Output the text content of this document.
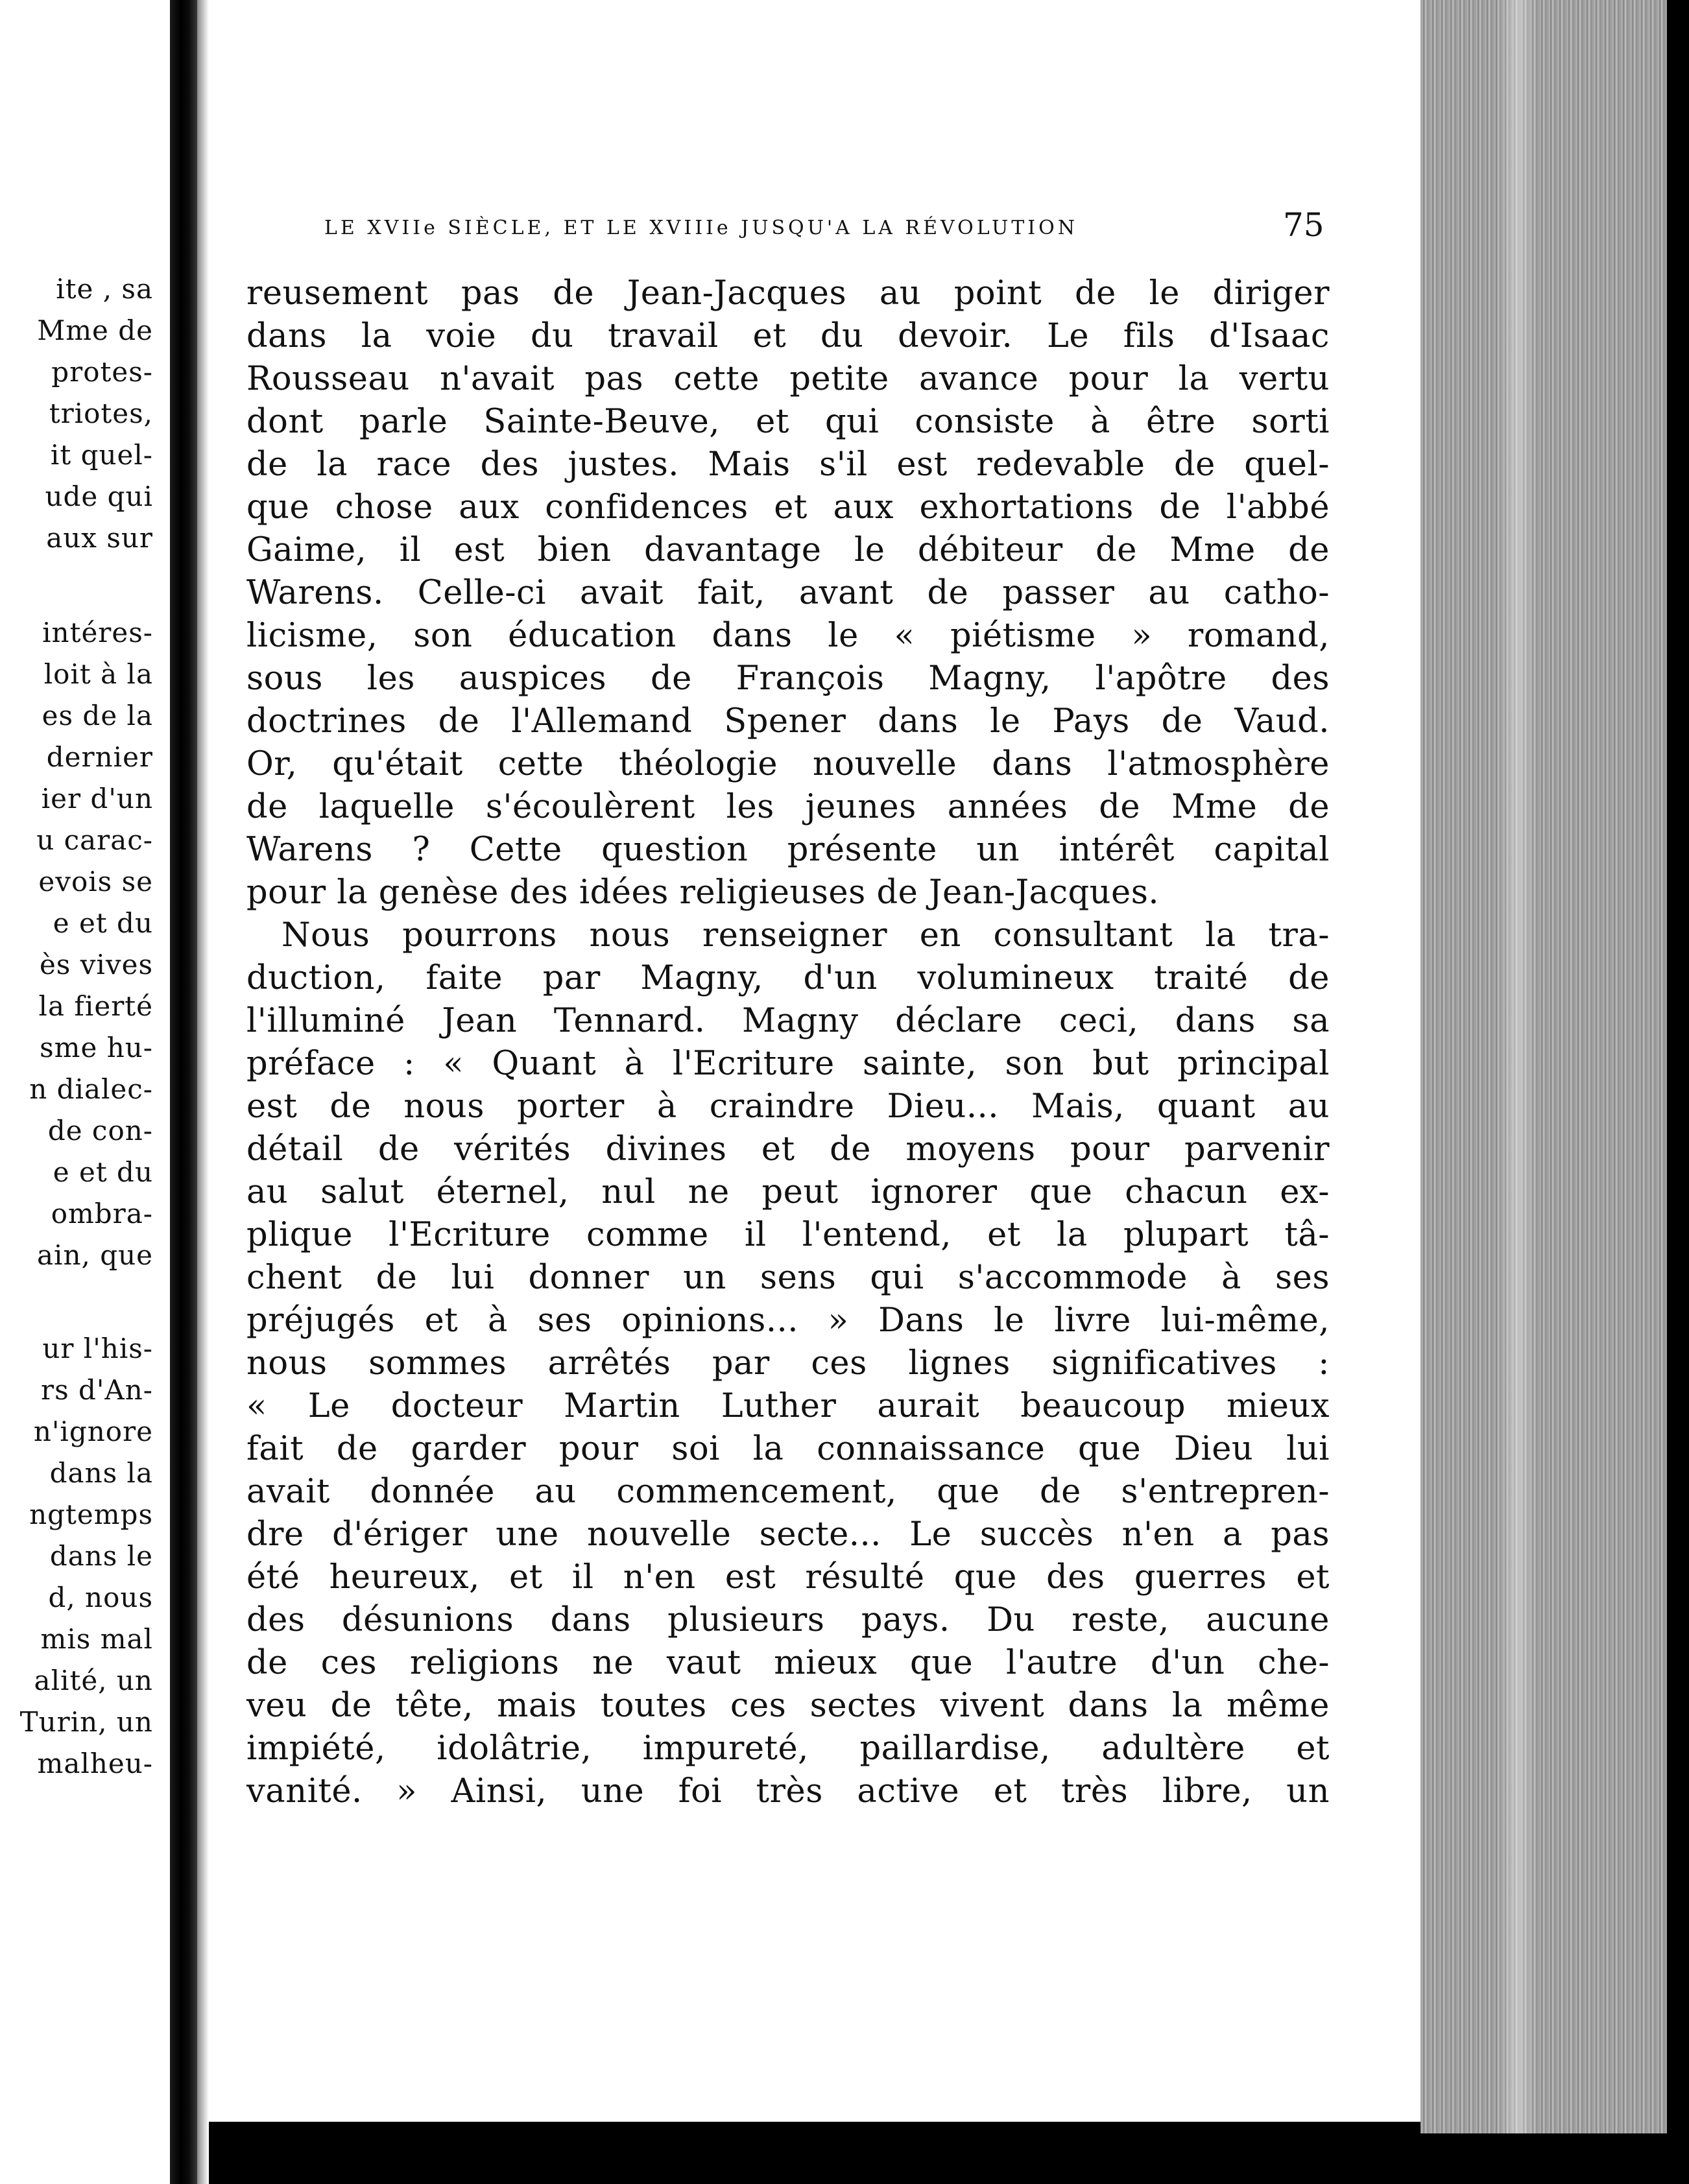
ite , sa
Mme de
protes-
triotes,
it quel-
ude qui
aux sur
intéres-
loit à la
es de la
dernier
ier d'un
u carac-
evois se
e et du
ès vives
la fierté
sme hu-
n dialec-
de con-
e et du
ombra-
ain, que
ur l'his-
rs d'An-
n'ignore
dans la
ngtemps
dans le
d, nous
mis mal
alité, un
Turin, un
malheu-
LE XVIIe SIÈCLE, ET LE XVIIIe JUSQU'A LA RÉVOLUTION	75
reusement pas de Jean-Jacques au point de le diriger
dans la voie du travail et du devoir. Le fils d'Isaac
Rousseau n'avait pas cette petite avance pour la vertu
dont parle Sainte-Beuve, et qui consiste à être sorti
de la race des justes. Mais s'il est redevable de quel-
que chose aux confidences et aux exhortations de l'abbé
Gaime, il est bien davantage le débiteur de Mme de
Warens. Celle-ci avait fait, avant de passer au catho-
licisme, son éducation dans le « piétisme » romand,
sous les auspices de François Magny, l'apôtre des
doctrines de l'Allemand Spener dans le Pays de Vaud.
Or, qu'était cette théologie nouvelle dans l'atmosphère
de laquelle s'écoulèrent les jeunes années de Mme de
Warens ? Cette question présente un intérêt capital
pour la genèse des idées religieuses de Jean-Jacques.
Nous pourrons nous renseigner en consultant la tra-
duction, faite par Magny, d'un volumineux traité de
l'illuminé Jean Tennard. Magny déclare ceci, dans sa
préface : « Quant à l'Ecriture sainte, son but principal
est de nous porter à craindre Dieu... Mais, quant au
détail de vérités divines et de moyens pour parvenir
au salut éternel, nul ne peut ignorer que chacun ex-
plique l'Ecriture comme il l'entend, et la plupart tâ-
chent de lui donner un sens qui s'accommode à ses
préjugés et à ses opinions... » Dans le livre lui-même,
nous sommes arrêtés par ces lignes significatives :
« Le docteur Martin Luther aurait beaucoup mieux
fait de garder pour soi la connaissance que Dieu lui
avait donnée au commencement, que de s'entrepren-
dre d'ériger une nouvelle secte... Le succès n'en a pas
été heureux, et il n'en est résulté que des guerres et
des désunions dans plusieurs pays. Du reste, aucune
de ces religions ne vaut mieux que l'autre d'un che-
veu de tête, mais toutes ces sectes vivent dans la même
impiété, idolâtrie, impureté, paillardise, adultère et
vanité. » Ainsi, une foi très active et très libre, un
